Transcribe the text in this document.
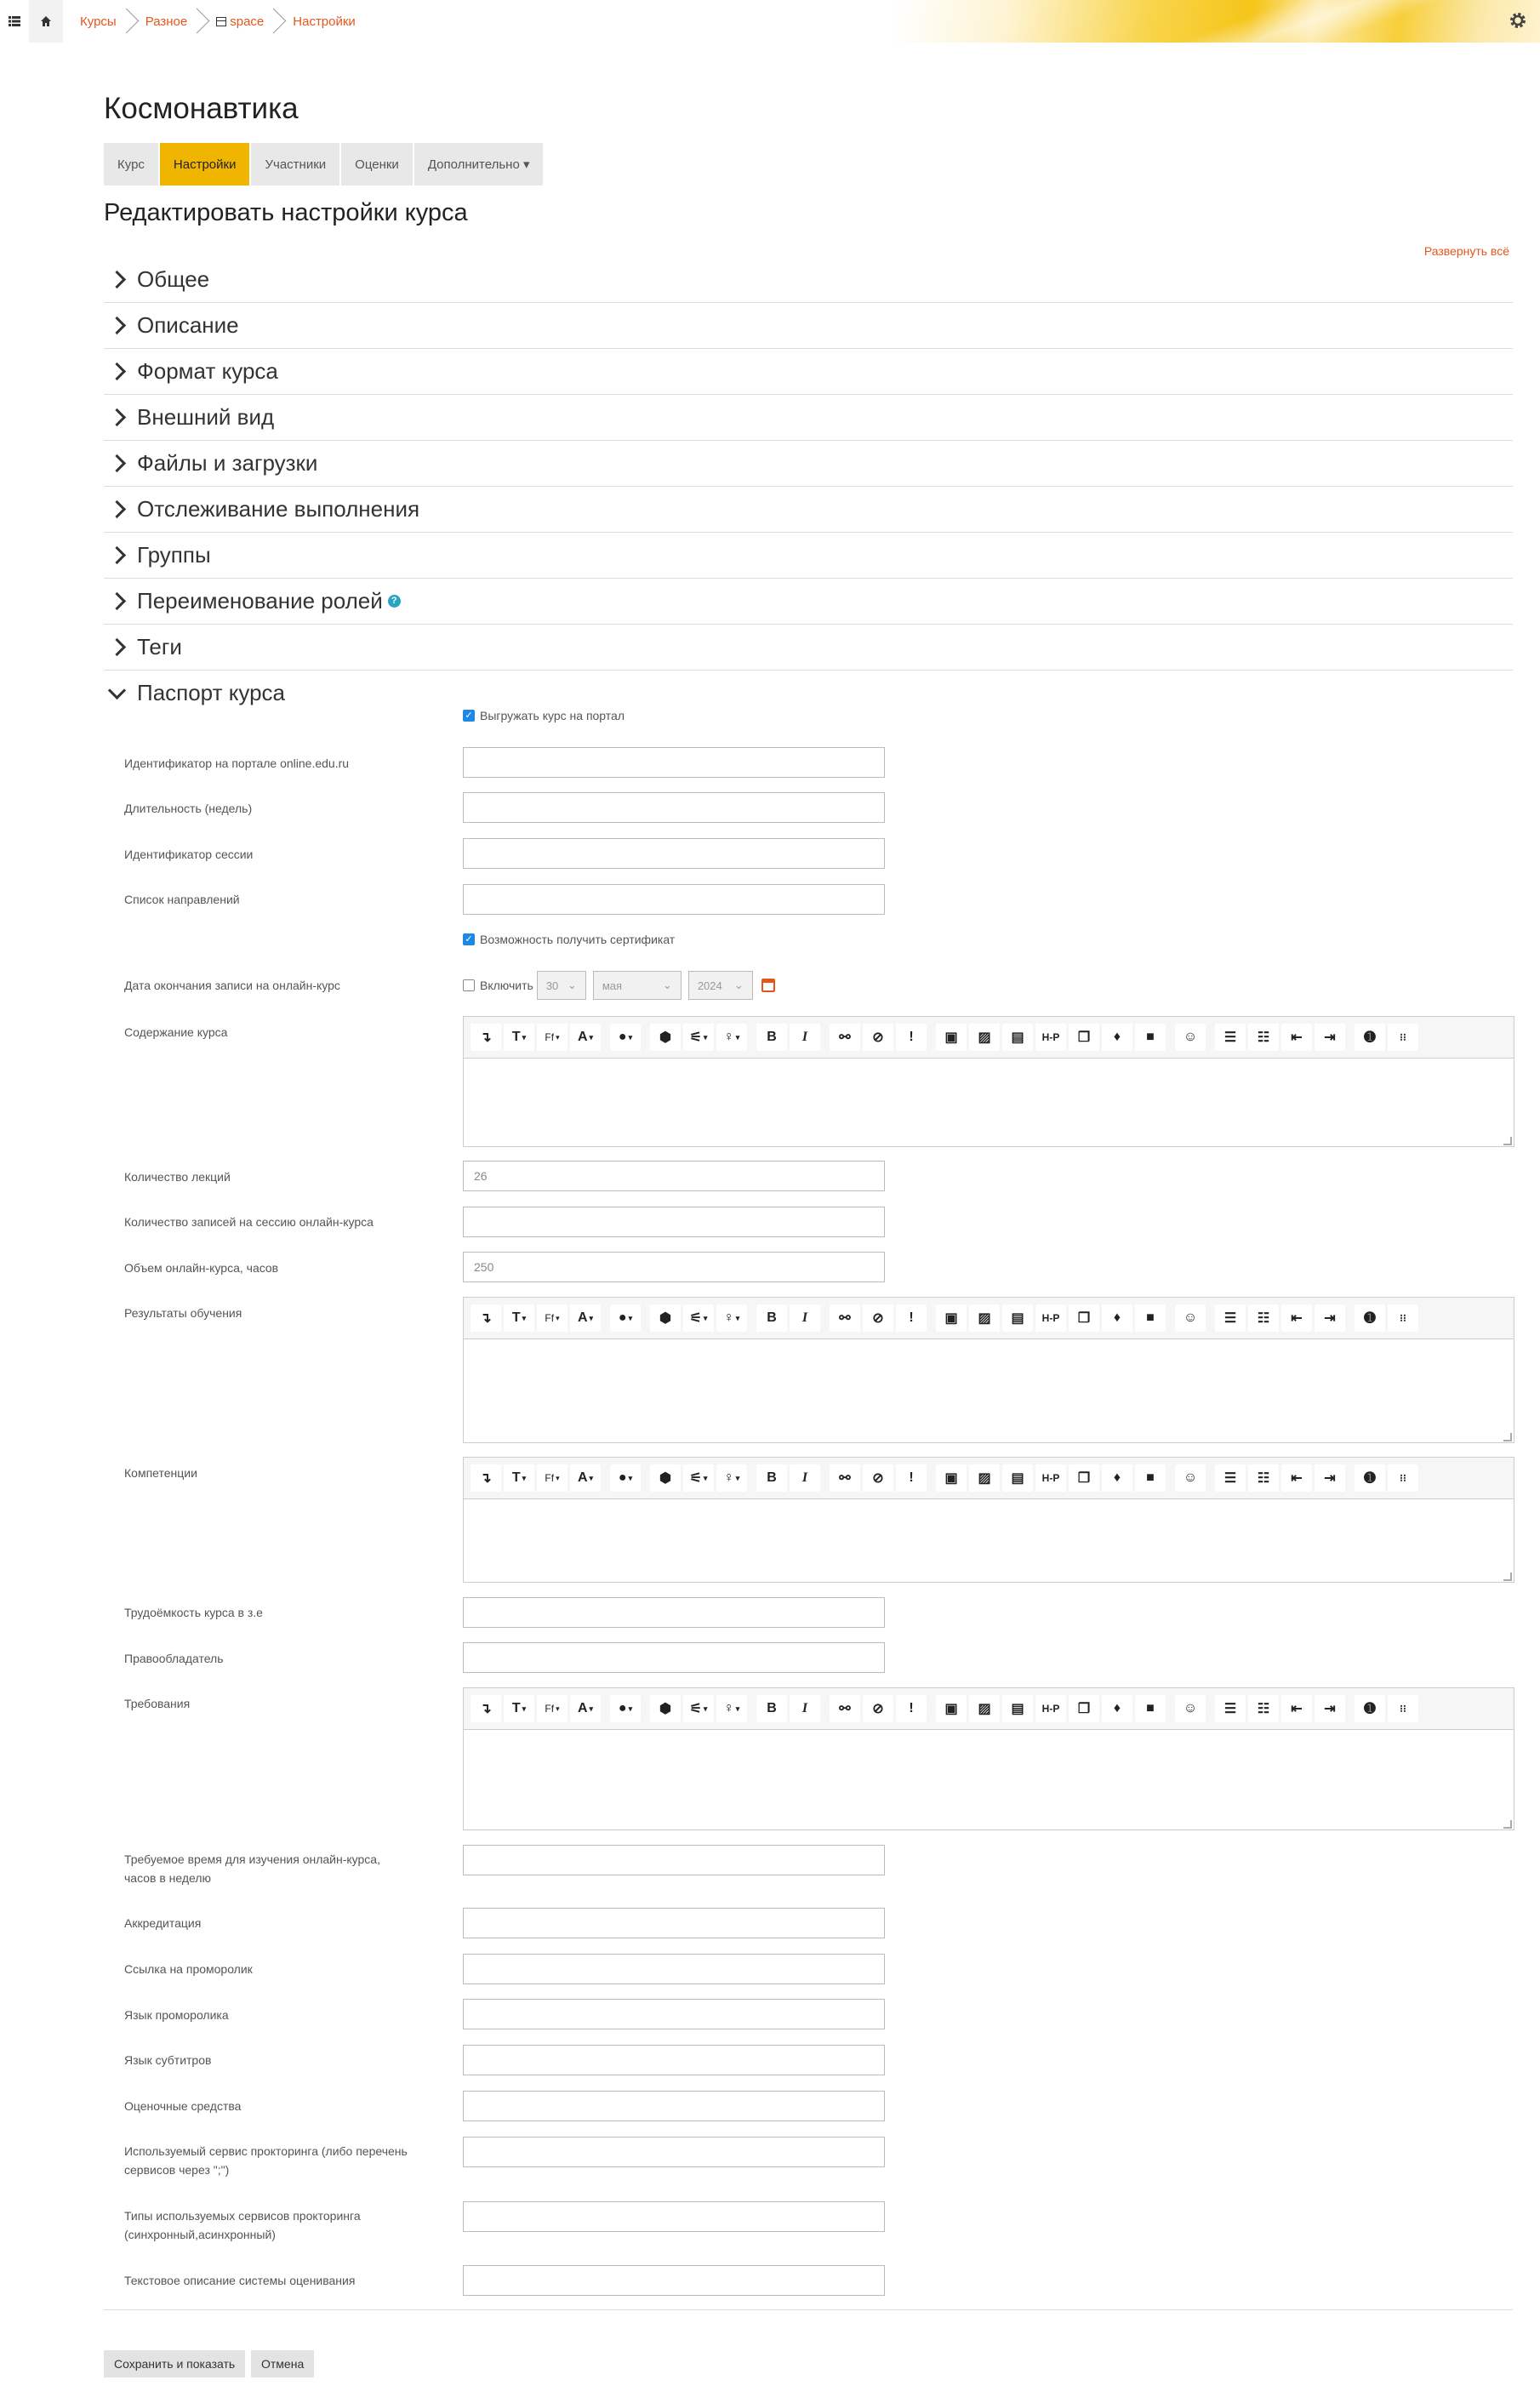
Курсы Разное	space Настройки
Космонавтика
Курс	Настройки	Участники	Оценки	Дополнительно ▾
Редактировать настройки курса
Развернуть всё
Общее
Описание
Формат курса
Внешний вид
Файлы и загрузки
Отслеживание выполнения
Группы
Переименование ролей ?
Теги
Паспорт курса
✓
Выгружать курс на портал
Идентификатор на портале online.edu.ru
Длительность (недель)
Идентификатор сессии
Список направлений
✓
Возможность получить сертификат
Дата окончания записи на онлайн-курс	Включить 30 ⌄ мая	⌄ 2024 ⌄
Содержание курса	↴	T ▾	Ff ▾	A ▾	● ▾	⬢	⚟ ▾	♀ ▾	B	I	⚯	⊘	!	▣	▨	▤	H-P	❐	♦	■	☺	☰	☷	⇤	⇥	➊	⁝⁝
Количество лекций	26
Количество записей на сессию онлайн-курса
Объем онлайн-курса, часов	250
Результаты обучения	↴	T ▾	Ff ▾	A ▾	● ▾	⬢	⚟ ▾	♀ ▾	B	I	⚯	⊘	!	▣	▨	▤	H-P	❐	♦	■	☺	☰	☷	⇤	⇥	➊	⁝⁝
Компетенции	↴	T ▾	Ff ▾	A ▾	● ▾	⬢	⚟ ▾	♀ ▾	B	I	⚯	⊘	!	▣	▨	▤	H-P	❐	♦	■	☺	☰	☷	⇤	⇥	➊	⁝⁝
Трудоёмкость курса в з.е
Правообладатель
Требования	↴	T ▾	Ff ▾	A ▾	● ▾	⬢	⚟ ▾	♀ ▾	B	I	⚯	⊘	!	▣	▨	▤	H-P	❐	♦	■	☺	☰	☷	⇤	⇥	➊	⁝⁝
Требуемое время для изучения онлайн-курса, часов в неделю
Аккредитация
Ссылка на проморолик
Язык проморолика
Язык субтитров
Оценочные средства
Используемый сервис прокторинга (либо перечень сервисов через ";")
Типы используемых сервисов прокторинга (синхронный,асинхронный)
Текстовое описание системы оценивания
Сохранить и показать	Отмена
